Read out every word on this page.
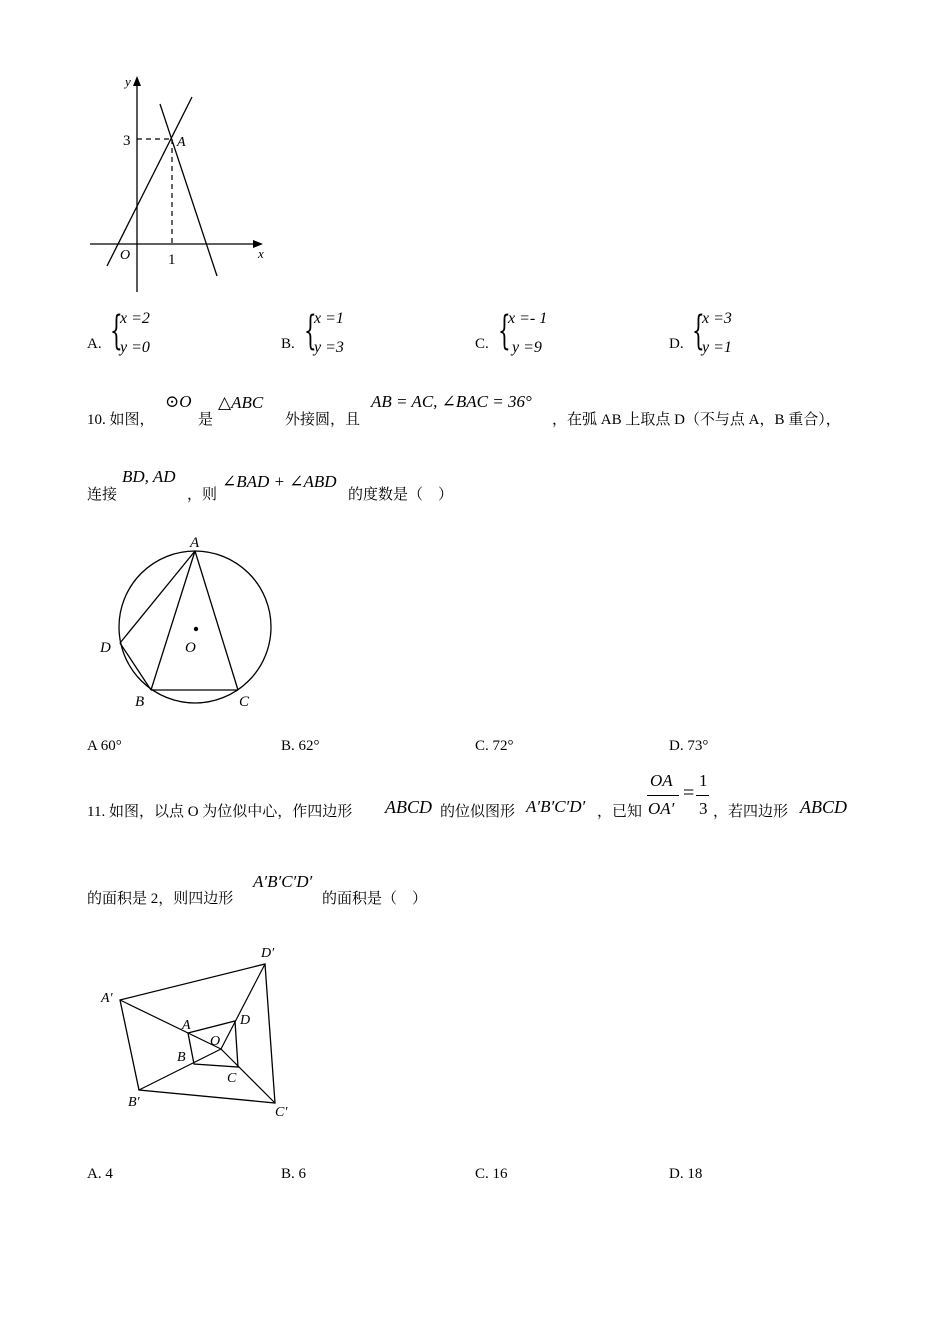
y
x
O
3
1
A
A. {
x =2
y =0	B. {
x =1
y =3	C. {
x =- 1
y =9	D. {
x =3
y =1
10. 如图，
⊙O
是
△ABC
外接圆，且
AB = AC, ∠BAC = 36°
，在弧 AB 上取点 D（不与点 A，B 重合），
连接
BD, AD
，则
∠BAD + ∠ABD
的度数是（　）
A
D	O
B	C
A 60°	B. 62°	C. 72°	D. 73°
11. 如图，以点 O 为位似中心，作四边形 ABCD 的位似图形 A′B′C′D′ ，已知
OA
OA′
=
1
3 ，若四边形 ABCD
的面积是 2，则四边形
A′B′C′D′
的面积是（　）
D′
A′
A	D
O
B
C
B′
C′
A. 4	B. 6	C. 16	D. 18
